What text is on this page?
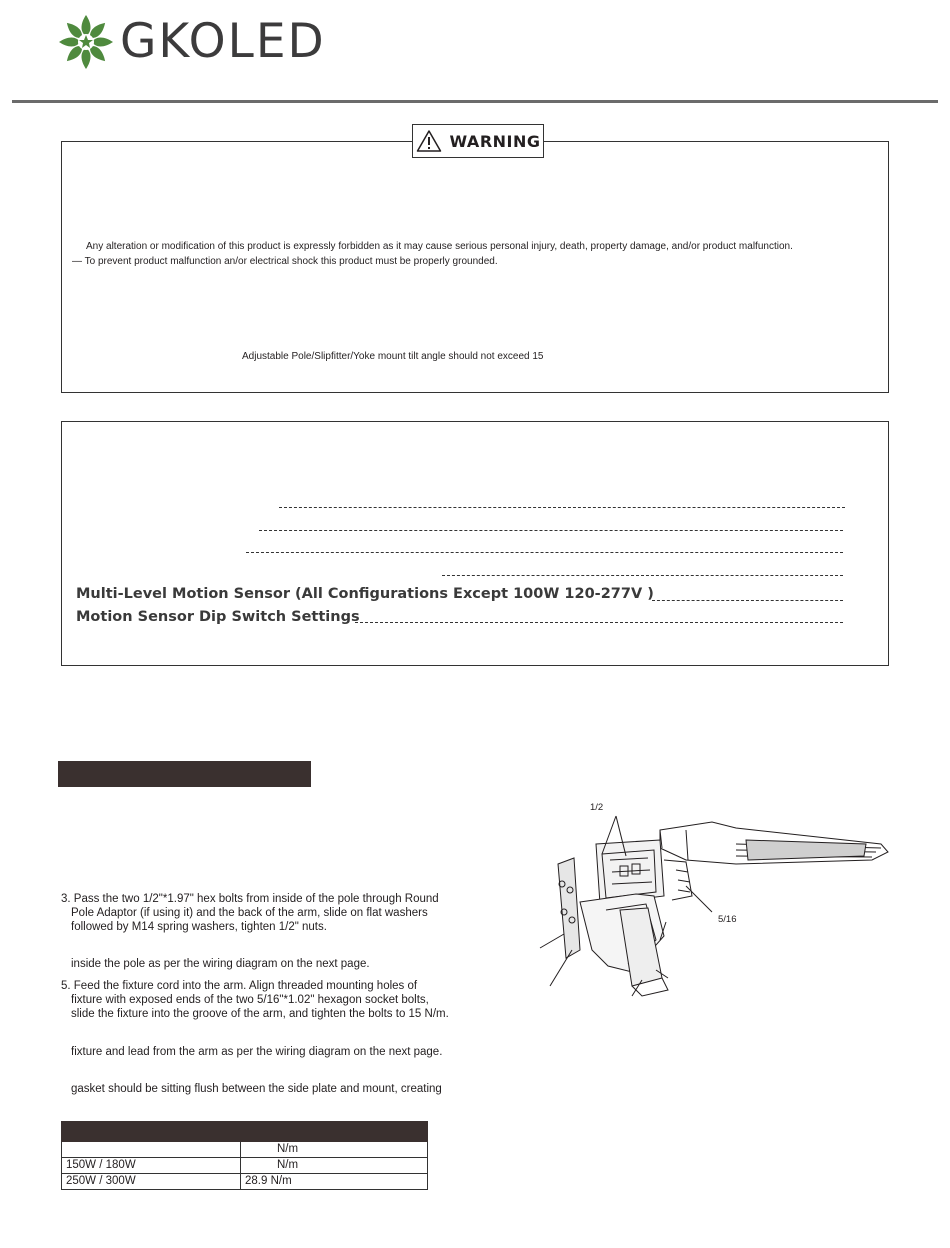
GKOLED
WARNING
Any alteration or modification of this product is expressly forbidden as it may cause serious personal injury, death, property damage, and/or product malfunction.
— To prevent product malfunction an/or electrical shock this product must be properly grounded.
Adjustable Pole/Slipfitter/Yoke mount tilt angle should not exceed 15
Multi-Level Motion Sensor (All Configurations Except 100W 120-277V )
Motion Sensor Dip Switch Settings
3. Pass the two 1/2"*1.97" hex bolts from inside of the pole through Round
Pole Adaptor (if using it) and the back of the arm, slide on flat washers
followed by M14 spring washers, tighten 1/2" nuts.
inside the pole as per the wiring diagram on the next page.
5. Feed the fixture cord into the arm. Align threaded mounting holes of
fixture with exposed ends of the two 5/16"*1.02" hexagon socket bolts,
slide the fixture into the groove of the arm, and tighten the bolts to 15 N/m.
fixture and lead from the arm as per the wiring diagram on the next page.
gasket should be sitting flush between the side plate and mount, creating
1/2
5/16

	N/m
150W / 180W	N/m
250W / 300W	28.9 N/m
